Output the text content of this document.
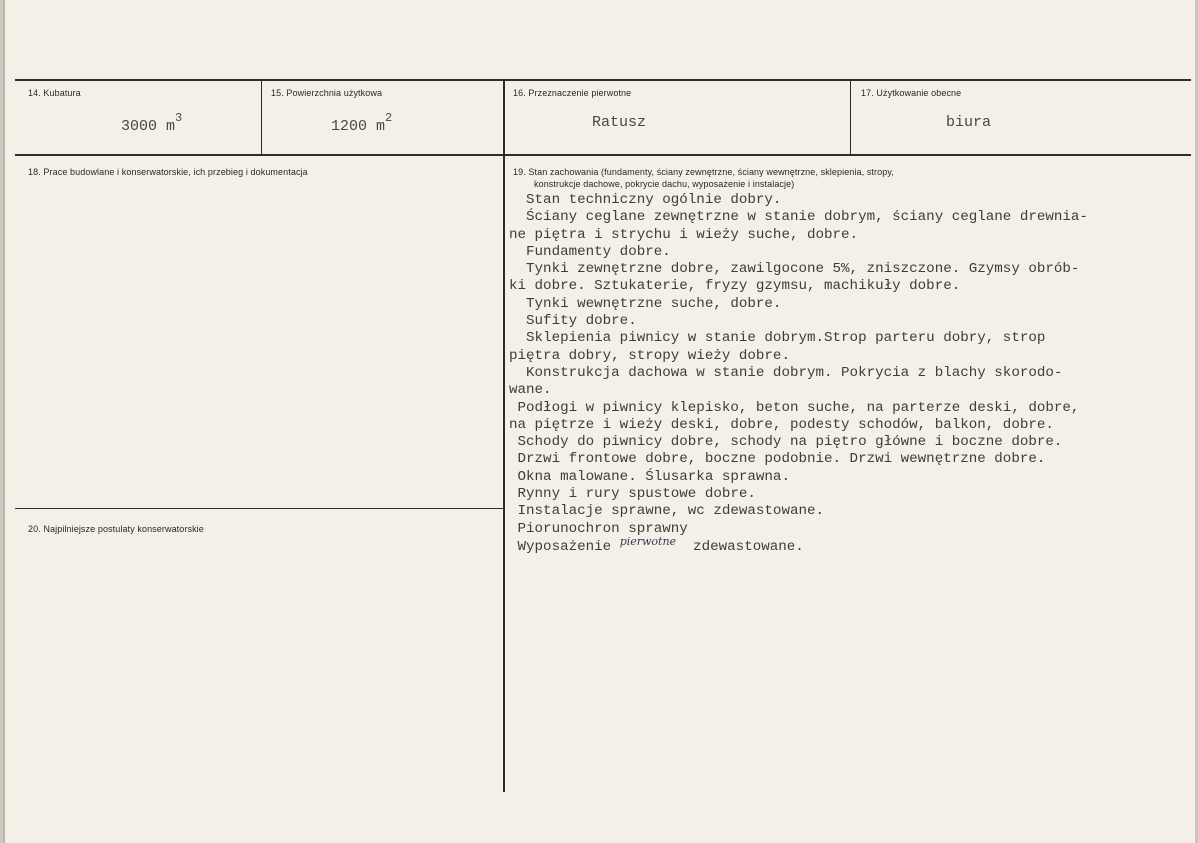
14. Kubatura
3000 $m^3$
15. Powierzchnia użytkowa
1200 $m^2$
16. Przeznaczenie pierwotne
Ratusz
17. Użytkowanie obecne
biura
18. Prace budowlane i konserwatorskie, ich przebieg i dokumentacja	19. Stan zachowania (fundamenty, ściany zewnętrzne, ściany wewnętrzne, sklepienia, stropy,
konstrukcje dachowe, pokrycie dachu, wyposażenie i instalacje)
Stan techniczny ogólnie dobry.
Ściany ceglane zewnętrzne w stanie dobrym, ściany ceglane drewnia-
ne piętra i strychu i wieży suche, dobre.
Fundamenty dobre.
Tynki zewnętrzne dobre, zawilgocone 5%, zniszczone. Gzymsy obrób-
ki dobre. Sztukaterie, fryzy gzymsu, machikuły dobre.
Tynki wewnętrzne suche, dobre.
Sufity dobre.
Sklepienia piwnicy w stanie dobrym.Strop parteru dobry, strop
piętra dobry, stropy wieży dobre.
Konstrukcja dachowa w stanie dobrym. Pokrycia z blachy skorodo-
wane.
Podłogi w piwnicy klepisko, beton suche, na parterze deski, dobre,
na piętrze i wieży deski, dobre, podesty schodów, balkon, dobre.
Schody do piwnicy dobre, schody na piętro główne i boczne dobre.
Drzwi frontowe dobre, boczne podobnie. Drzwi wewnętrzne dobre.
Okna malowane. Ślusarka sprawna.
Rynny i rury spustowe dobre.
Instalacje sprawne, wc zdewastowane.
Piorunochron sprawny
Wyposażenie $^{pierwotne}$  zdewastowane.
20. Najpilniejsze postulaty konserwatorskie
